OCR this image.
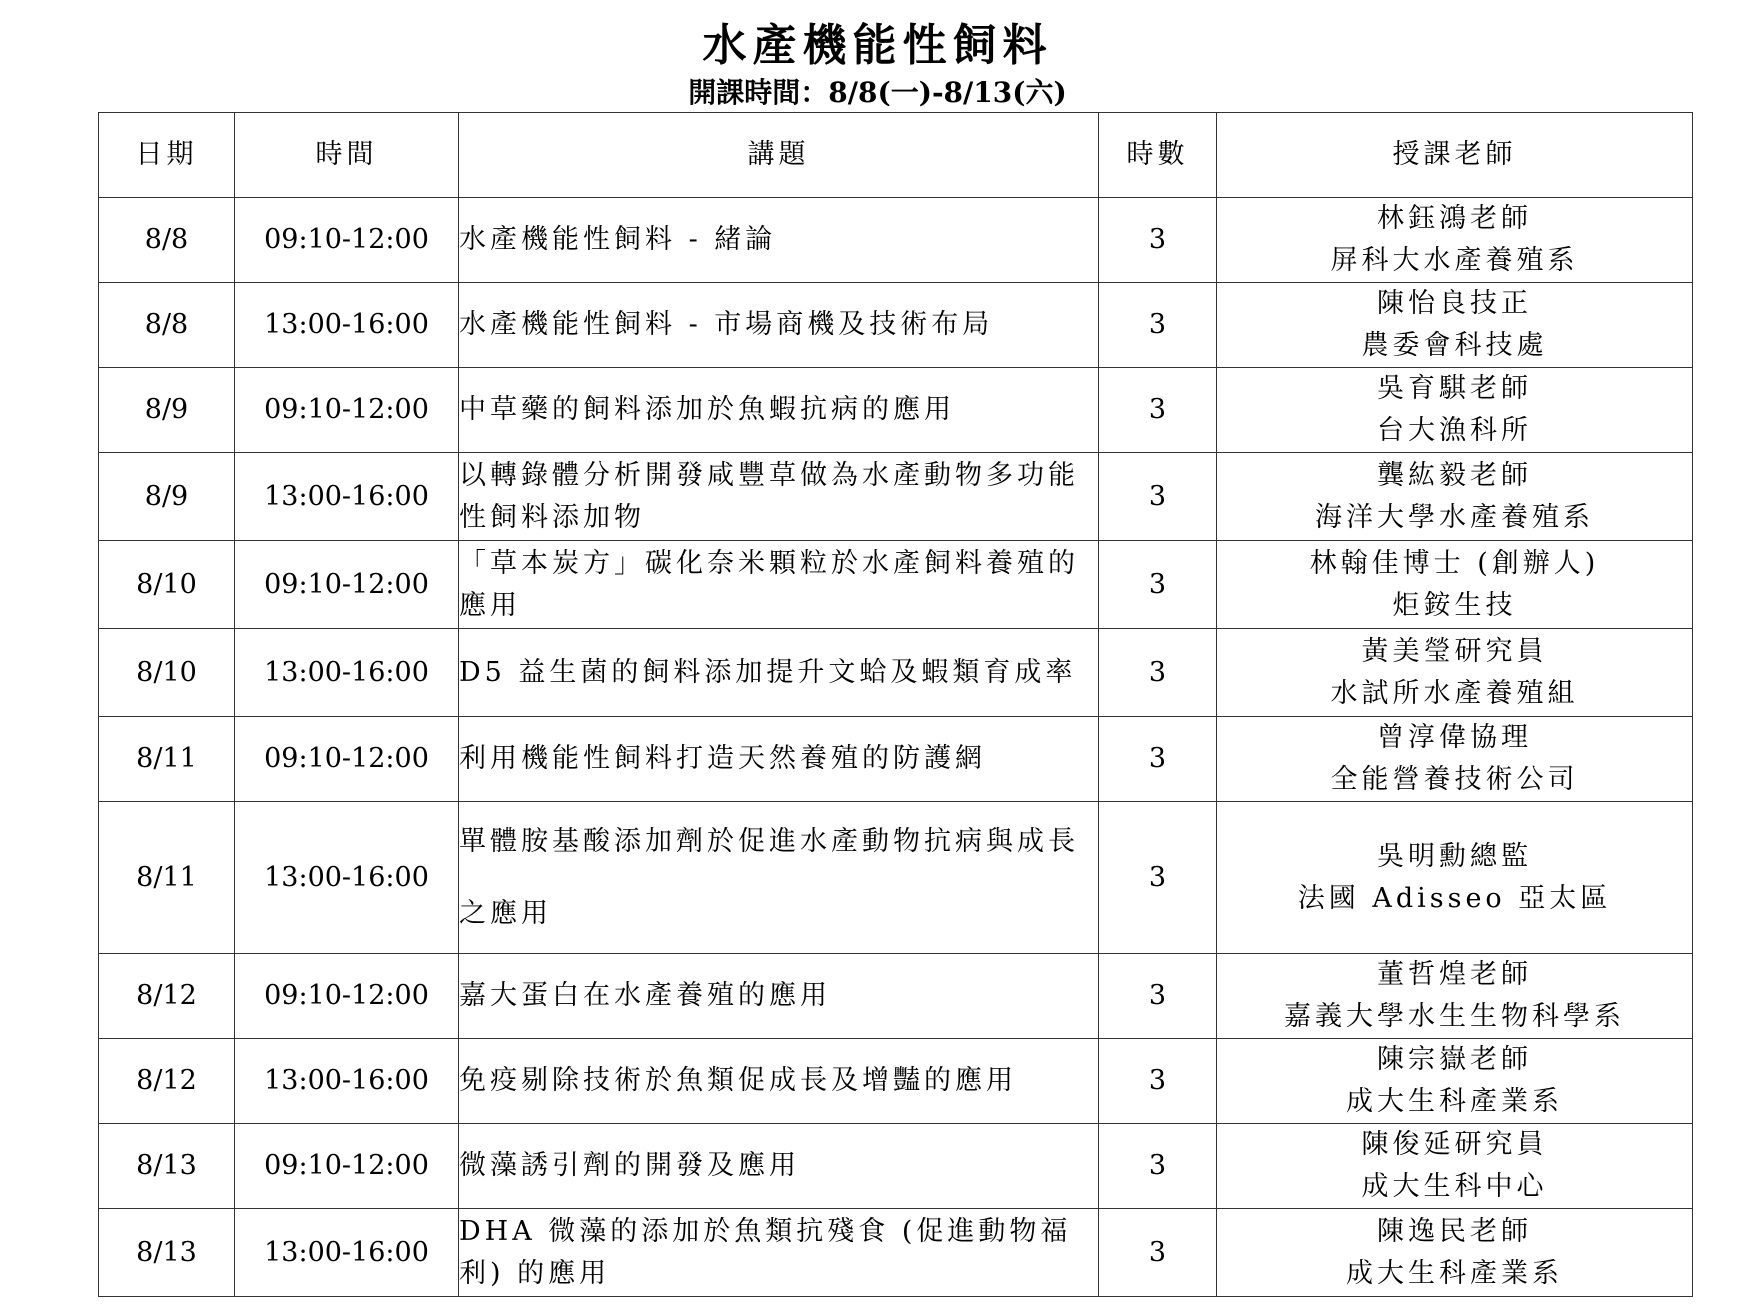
水產機能性飼料
開課時間：8/8(一)-8/13(六)
日期	時間	講題	時數	授課老師
8/8	09:10-12:00	水產機能性飼料 - 緒論	3	林鈺鴻老師
屏科大水產養殖系

8/8	13:00-16:00	水產機能性飼料 - 市場商機及技術布局	3	陳怡良技正
農委會科技處

8/9	09:10-12:00	中草藥的飼料添加於魚蝦抗病的應用	3	吳育騏老師
台大漁科所

8/9	13:00-16:00	以轉錄體分析開發咸豐草做為水產動物多功能性飼料添加物	3	龔紘毅老師
海洋大學水產養殖系

8/10	09:10-12:00	「草本炭方」碳化奈米顆粒於水產飼料養殖的應用	3	林翰佳博士 (創辦人)
炬銨生技

8/10	13:00-16:00	D5 益生菌的飼料添加提升文蛤及蝦類育成率	3	黃美瑩研究員
水試所水產養殖組

8/11	09:10-12:00	利用機能性飼料打造天然養殖的防護網	3	曾淳偉協理
全能營養技術公司

8/11	13:00-16:00	單體胺基酸添加劑於促進水產動物抗病與成長之應用	3	吳明勳總監
法國 Adisseo 亞太區

8/12	09:10-12:00	嘉大蛋白在水產養殖的應用	3	董哲煌老師
嘉義大學水生生物科學系

8/12	13:00-16:00	免疫剔除技術於魚類促成長及增豔的應用	3	陳宗嶽老師
成大生科產業系

8/13	09:10-12:00	微藻誘引劑的開發及應用	3	陳俊延研究員
成大生科中心

8/13	13:00-16:00	DHA 微藻的添加於魚類抗殘食 (促進動物福利) 的應用	3	陳逸民老師
成大生科產業系
